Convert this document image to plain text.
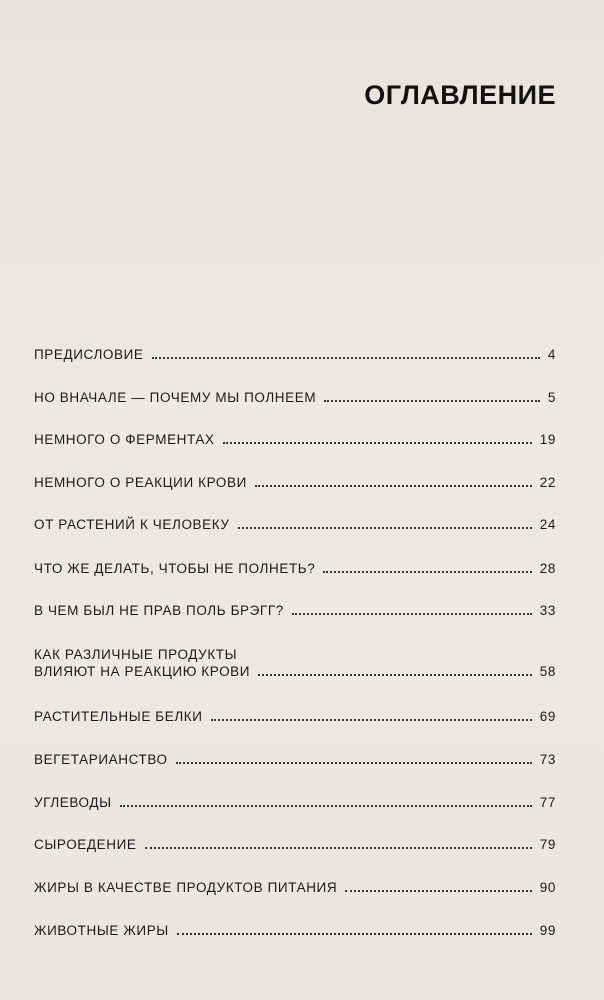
ОГЛАВЛЕНИЕ
ПРЕДИСЛОВИЕ	4
НО ВНАЧАЛЕ — ПОЧЕМУ МЫ ПОЛНЕЕМ	5
НЕМНОГО О ФЕРМЕНТАХ	19
НЕМНОГО О РЕАКЦИИ КРОВИ	22
ОТ РАСТЕНИЙ К ЧЕЛОВЕКУ	24
ЧТО ЖЕ ДЕЛАТЬ, ЧТОБЫ НЕ ПОЛНЕТЬ?	28
В ЧЕМ БЫЛ НЕ ПРАВ ПОЛЬ БРЭГГ?	33
КАК РАЗЛИЧНЫЕ ПРОДУКТЫ
ВЛИЯЮТ НА РЕАКЦИЮ КРОВИ	58
РАСТИТЕЛЬНЫЕ БЕЛКИ	69
ВЕГЕТАРИАНСТВО	73
УГЛЕВОДЫ	77
СЫРОЕДЕНИЕ	79
ЖИРЫ В КАЧЕСТВЕ ПРОДУКТОВ ПИТАНИЯ	90
ЖИВОТНЫЕ ЖИРЫ	99
